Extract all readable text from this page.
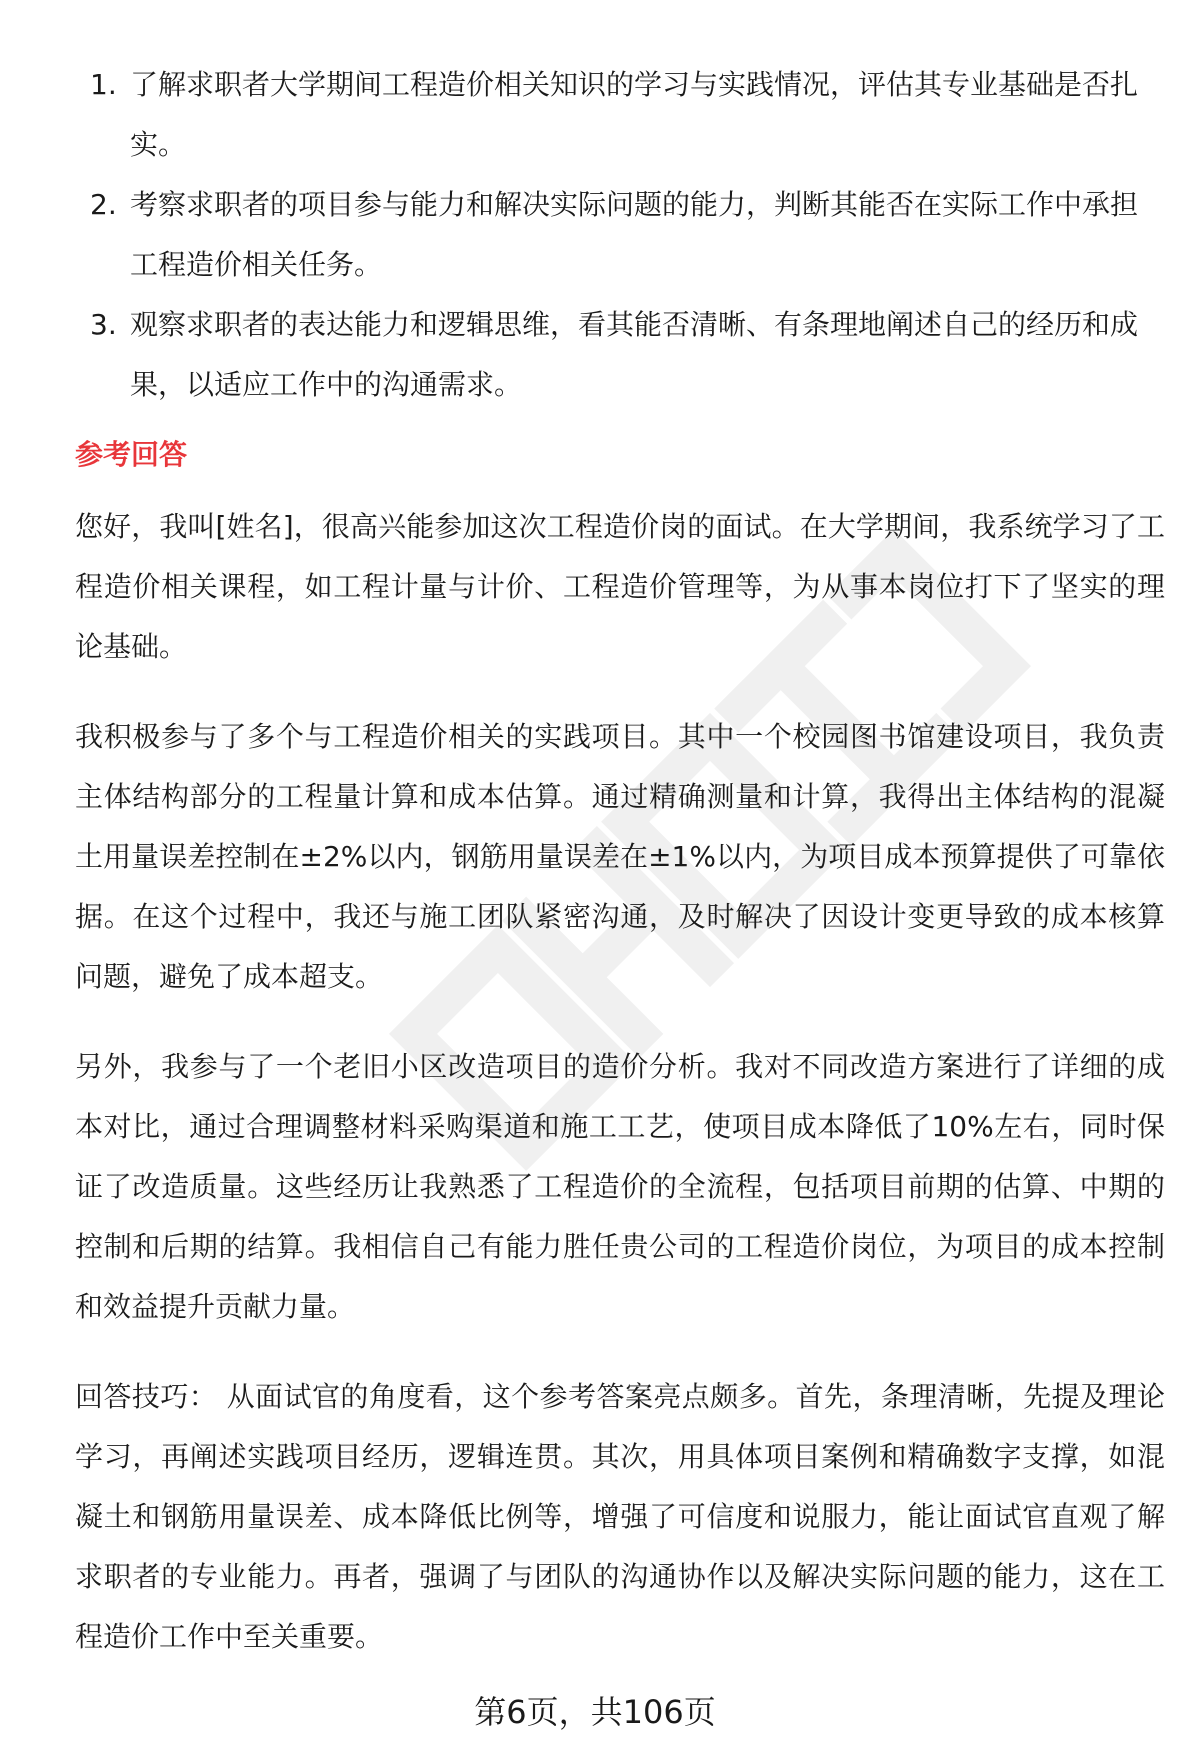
1. 了解求职者大学期间工程造价相关知识的学习与实践情况，评估其专业基础是否扎实。
2. 考察求职者的项目参与能力和解决实际问题的能力，判断其能否在实际工作中承担工程造价相关任务。
3. 观察求职者的表达能力和逻辑思维，看其能否清晰、有条理地阐述自己的经历和成果，以适应工作中的沟通需求。
参考回答

您好，我叫[姓名]，很高兴能参加这次工程造价岗的面试。在大学期间，我系统学习了工程造价相关课程，如工程计量与计价、工程造价管理等，为从事本岗位打下了坚实的理论基础。

我积极参与了多个与工程造价相关的实践项目。其中一个校园图书馆建设项目，我负责主体结构部分的工程量计算和成本估算。通过精确测量和计算，我得出主体结构的混凝土用量误差控制在±2%以内，钢筋用量误差在±1%以内，为项目成本预算提供了可靠依据。在这个过程中，我还与施工团队紧密沟通，及时解决了因设计变更导致的成本核算问题，避免了成本超支。

另外，我参与了一个老旧小区改造项目的造价分析。我对不同改造方案进行了详细的成本对比，通过合理调整材料采购渠道和施工工艺，使项目成本降低了10%左右，同时保证了改造质量。这些经历让我熟悉了工程造价的全流程，包括项目前期的估算、中期的控制和后期的结算。我相信自己有能力胜任贵公司的工程造价岗位，为项目的成本控制和效益提升贡献力量。

回答技巧： 从面试官的角度看，这个参考答案亮点颇多。首先，条理清晰，先提及理论学习，再阐述实践项目经历，逻辑连贯。其次，用具体项目案例和精确数字支撑，如混凝土和钢筋用量误差、成本降低比例等，增强了可信度和说服力，能让面试官直观了解求职者的专业能力。再者，强调了与团队的沟通协作以及解决实际问题的能力，这在工程造价工作中至关重要。

第6页，共106页
